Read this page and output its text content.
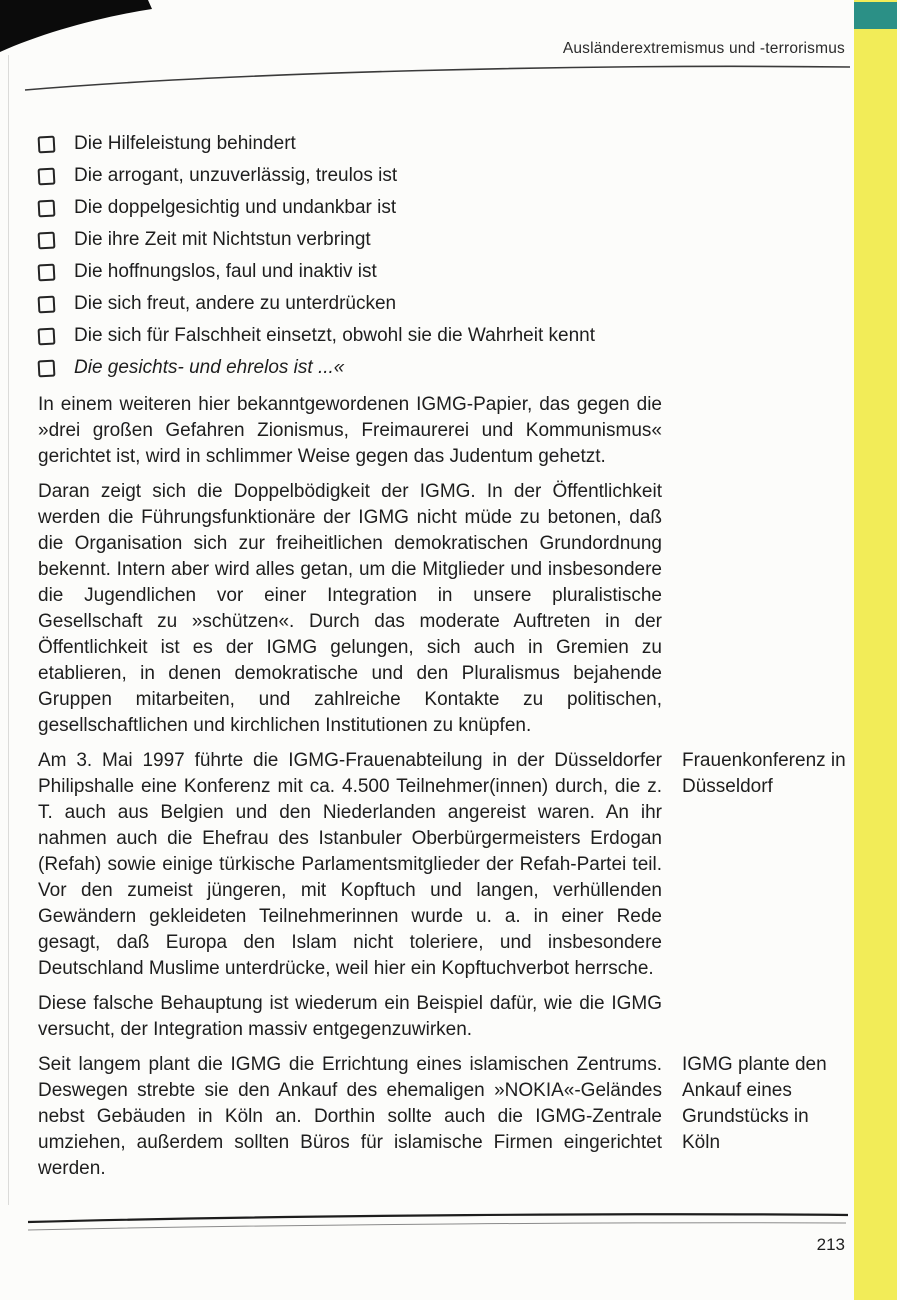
Ausländerextremismus und -terrorismus
Die Hilfeleistung behindert
Die arrogant, unzuverlässig, treulos ist
Die doppelgesichtig und undankbar ist
Die ihre Zeit mit Nichtstun verbringt
Die hoffnungslos, faul und inaktiv ist
Die sich freut, andere zu unterdrücken
Die sich für Falschheit einsetzt, obwohl sie die Wahrheit kennt
Die gesichts- und ehrelos ist ...«

In einem weiteren hier bekanntgewordenen IGMG-Papier, das gegen die »drei großen Gefahren Zionismus, Freimaurerei und Kommunismus« gerichtet ist, wird in schlimmer Weise gegen das Judentum gehetzt.

Daran zeigt sich die Doppelbödigkeit der IGMG. In der Öffentlichkeit werden die Führungsfunktionäre der IGMG nicht müde zu betonen, daß die Organisation sich zur freiheitlichen demokratischen Grundordnung bekennt. Intern aber wird alles getan, um die Mitglieder und insbesondere die Jugendlichen vor einer Integration in unsere pluralistische Gesellschaft zu »schützen«. Durch das moderate Auftreten in der Öffentlichkeit ist es der IGMG gelungen, sich auch in Gremien zu etablieren, in denen demokratische und den Pluralismus bejahende Gruppen mitarbeiten, und zahlreiche Kontakte zu politischen, gesellschaftlichen und kirchlichen Institutionen zu knüpfen.

Am 3. Mai 1997 führte die IGMG-Frauenabteilung in der Düsseldorfer Philipshalle eine Konferenz mit ca. 4.500 Teilnehmer(innen) durch, die z. T. auch aus Belgien und den Niederlanden angereist waren. An ihr nahmen auch die Ehefrau des Istanbuler Oberbürgermeisters Erdogan (Refah) sowie einige türkische Parlamentsmitglieder der Refah-Partei teil. Vor den zumeist jüngeren, mit Kopftuch und langen, verhüllenden Gewändern gekleideten Teilnehmerinnen wurde u. a. in einer Rede gesagt, daß Europa den Islam nicht toleriere, und insbesondere Deutschland Muslime unterdrücke, weil hier ein Kopftuchverbot herrsche.

Frauenkonferenz in Düsseldorf

Diese falsche Behauptung ist wiederum ein Beispiel dafür, wie die IGMG versucht, der Integration massiv entgegenzuwirken.

Seit langem plant die IGMG die Errichtung eines islamischen Zentrums. Deswegen strebte sie den Ankauf des ehemaligen »NOKIA«-Geländes nebst Gebäuden in Köln an. Dorthin sollte auch die IGMG-Zentrale umziehen, außerdem sollten Büros für islamische Firmen eingerichtet werden.

IGMG plante den Ankauf eines Grundstücks in Köln
213
